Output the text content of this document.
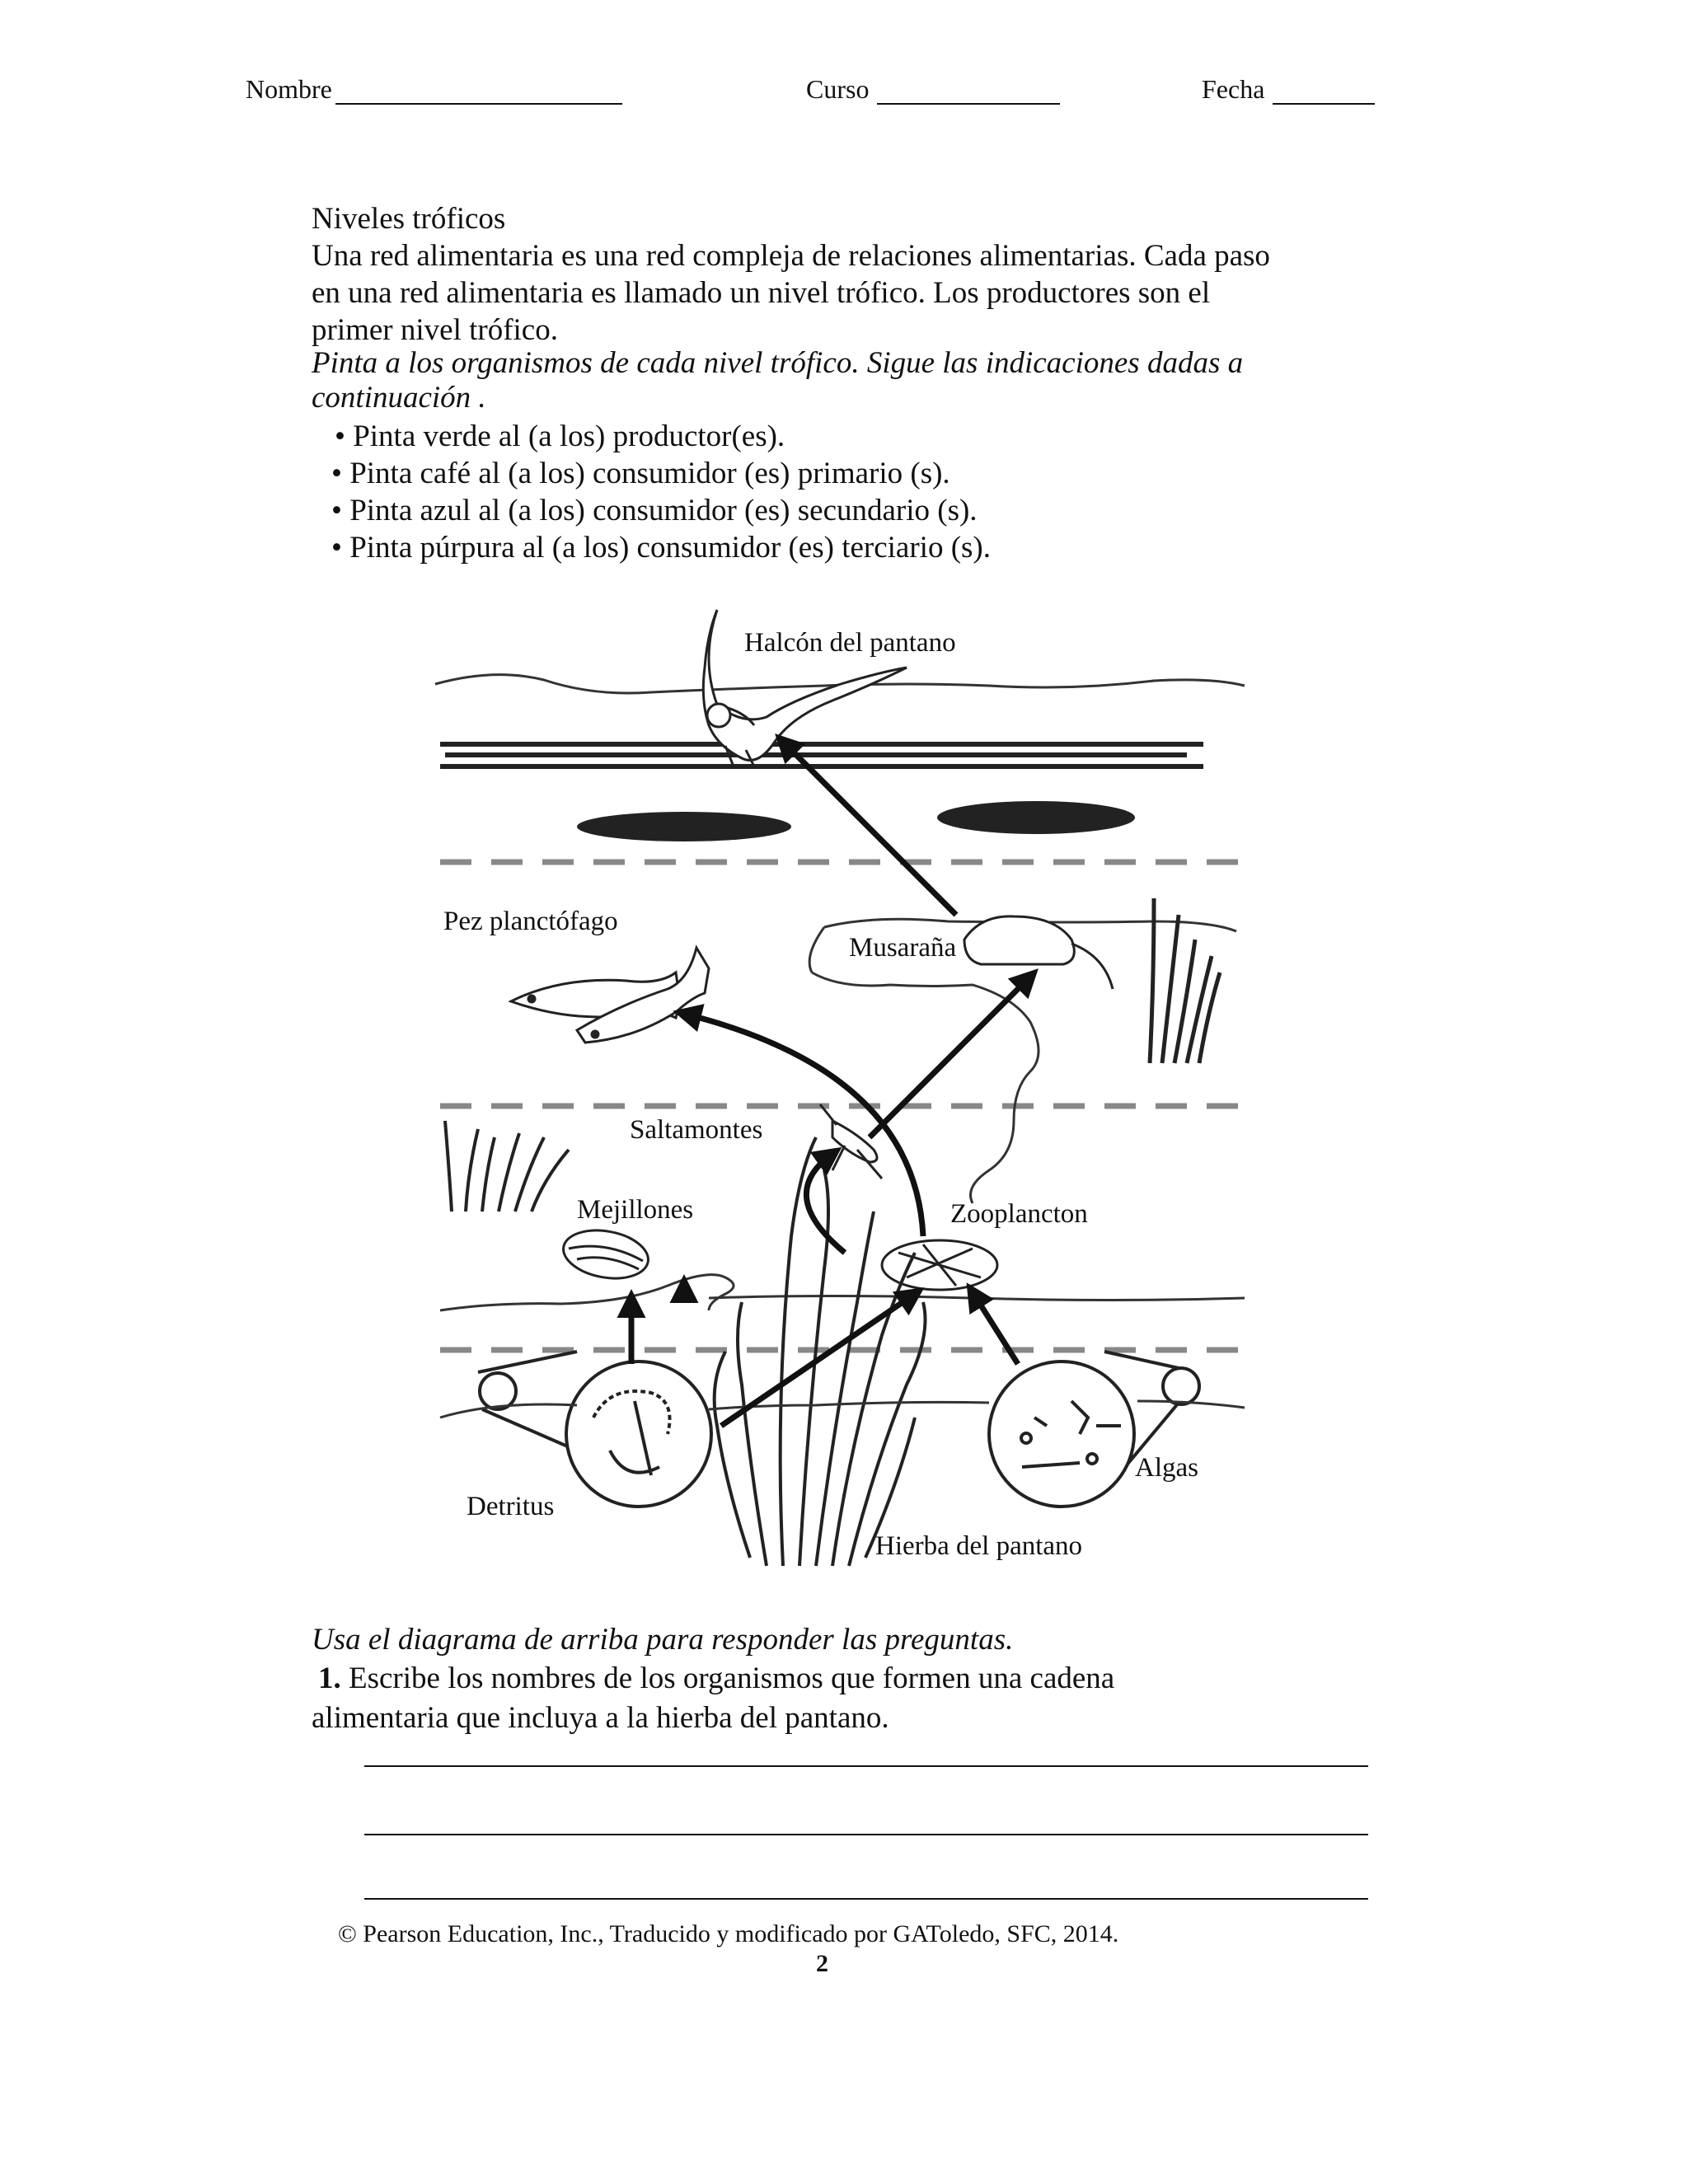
Nombre	Curso	Fecha
Niveles tróficos
Una red alimentaria es una red compleja de relaciones alimentarias. Cada paso
en una red alimentaria es llamado un nivel trófico. Los productores son el
primer nivel trófico.
Pinta a los organismos de cada nivel trófico. Sigue las indicaciones dadas a
continuación .
• Pinta verde al (a los) productor(es).
• Pinta café al (a los) consumidor (es) primario (s).
• Pinta azul al (a los) consumidor (es) secundario (s).
• Pinta púrpura al (a los) consumidor (es) terciario (s).
Halcón del pantano
Pez planctófago
Musaraña
Saltamontes
Mejillones	Zooplancton
Algas
Detritus
Hierba del pantano
Usa el diagrama de arriba para responder las preguntas.
1. Escribe los nombres de los organismos que formen una cadena
alimentaria que incluya a la hierba del pantano.
© Pearson Education, Inc., Traducido y modificado por GAToledo, SFC, 2014.
2
